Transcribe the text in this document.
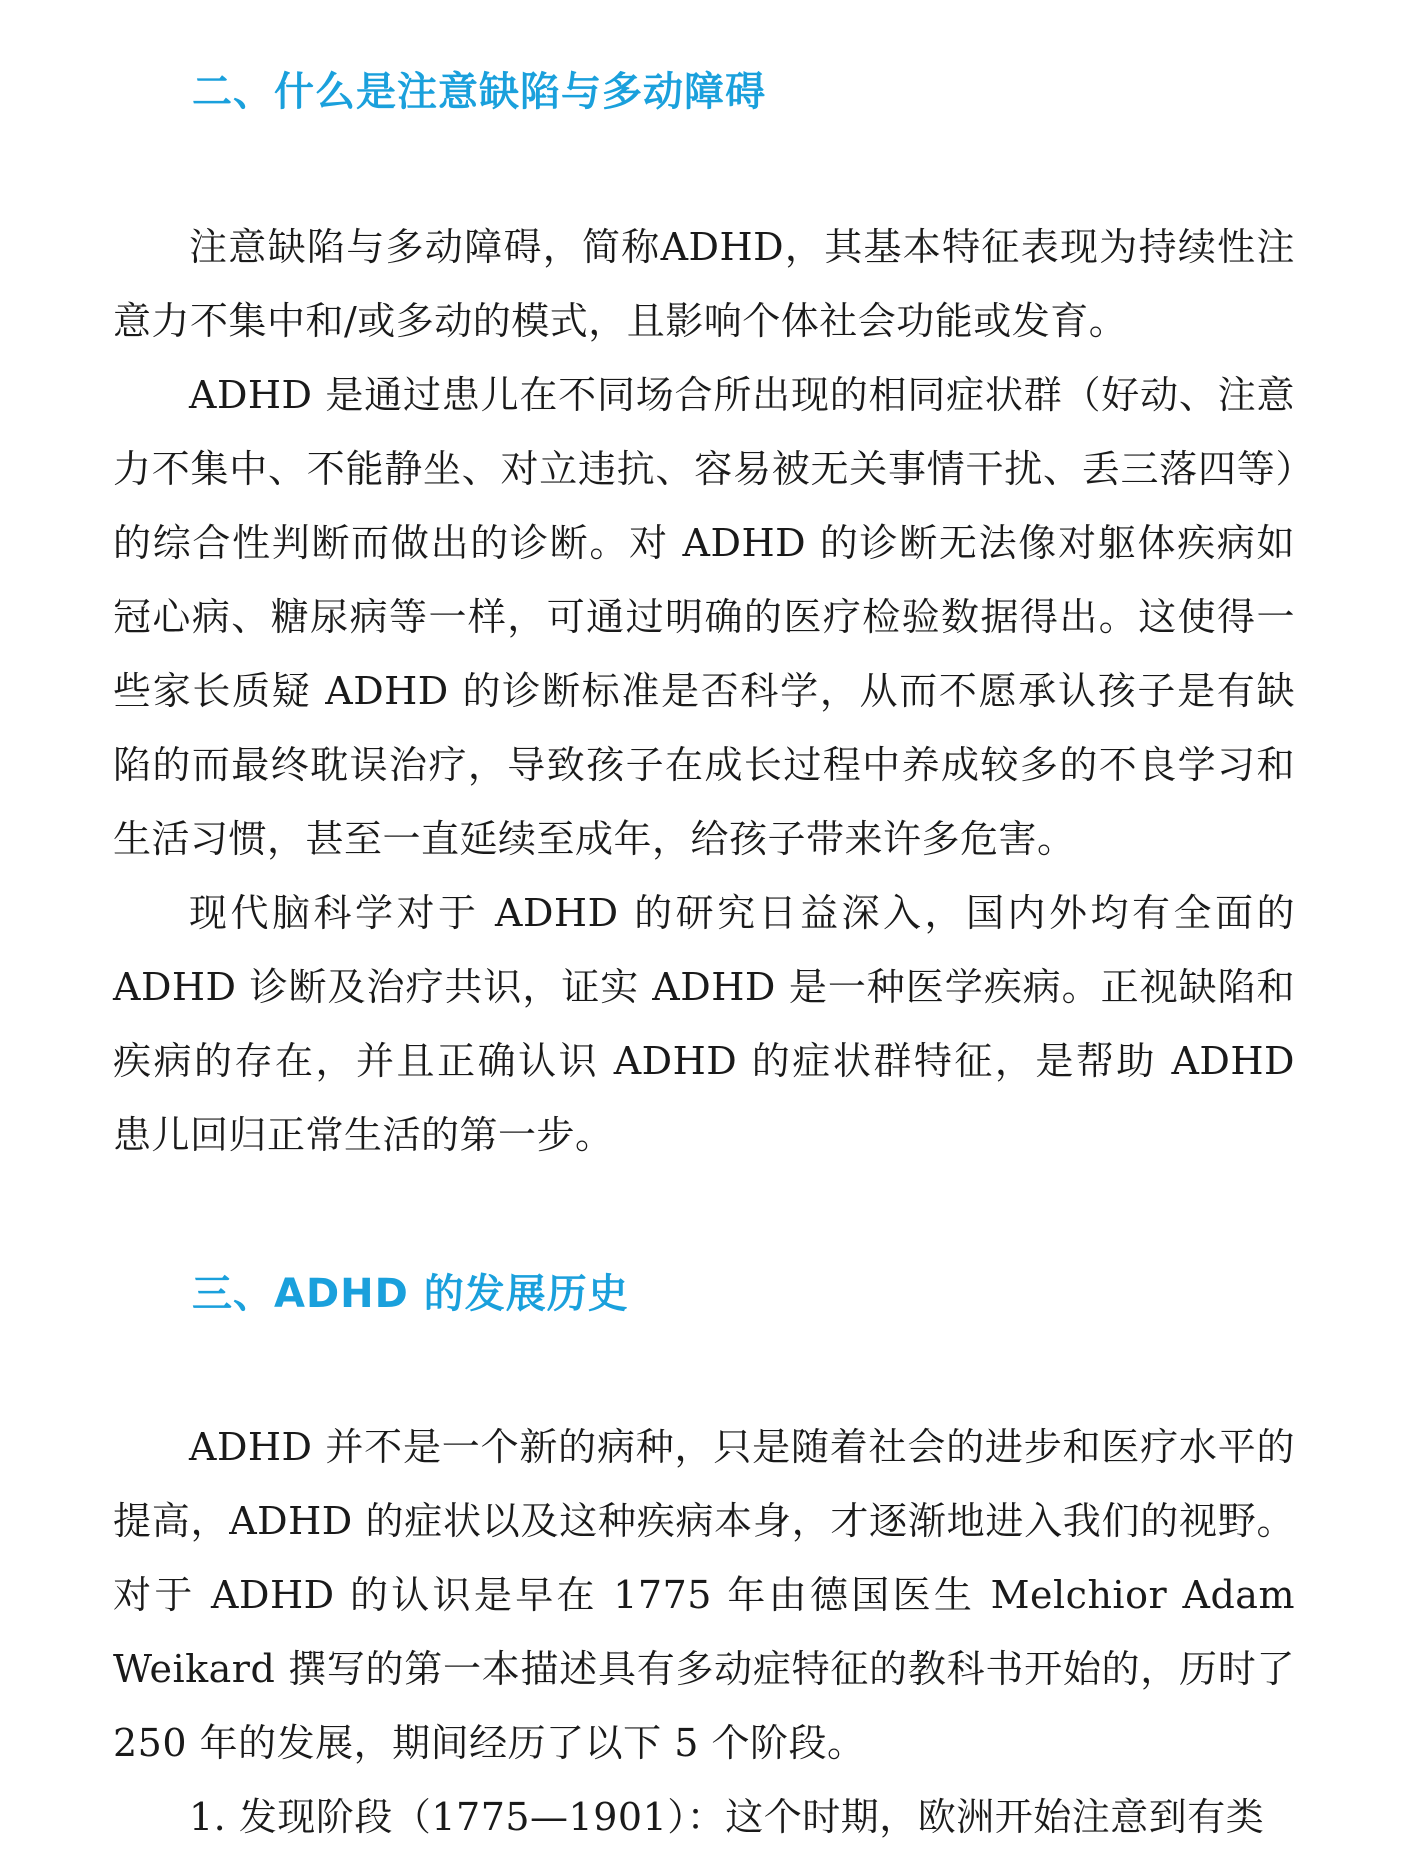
二、什么是注意缺陷与多动障碍

注意缺陷与多动障碍，简称ADHD，其基本特征表现为持续性注意力不集中和/或多动的模式，且影响个体社会功能或发育。

ADHD 是通过患儿在不同场合所出现的相同症状群（好动、注意力不集中、不能静坐、对立违抗、容易被无关事情干扰、丢三落四等）的综合性判断而做出的诊断。对 ADHD 的诊断无法像对躯体疾病如冠心病、糖尿病等一样，可通过明确的医疗检验数据得出。这使得一些家长质疑 ADHD 的诊断标准是否科学，从而不愿承认孩子是有缺陷的而最终耽误治疗，导致孩子在成长过程中养成较多的不良学习和生活习惯，甚至一直延续至成年，给孩子带来许多危害。

现代脑科学对于 ADHD 的研究日益深入，国内外均有全面的 ADHD 诊断及治疗共识，证实 ADHD 是一种医学疾病。正视缺陷和疾病的存在，并且正确认识 ADHD 的症状群特征，是帮助 ADHD 患儿回归正常生活的第一步。

三、ADHD 的发展历史

ADHD 并不是一个新的病种，只是随着社会的进步和医疗水平的提高，ADHD 的症状以及这种疾病本身，才逐渐地进入我们的视野。对于 ADHD 的认识是早在 1775 年由德国医生 Melchior Adam Weikard 撰写的第一本描述具有多动症特征的教科书开始的，历时了 250 年的发展，期间经历了以下 5 个阶段。

1. 发现阶段（1775—1901）：这个时期，欧洲开始注意到有类
